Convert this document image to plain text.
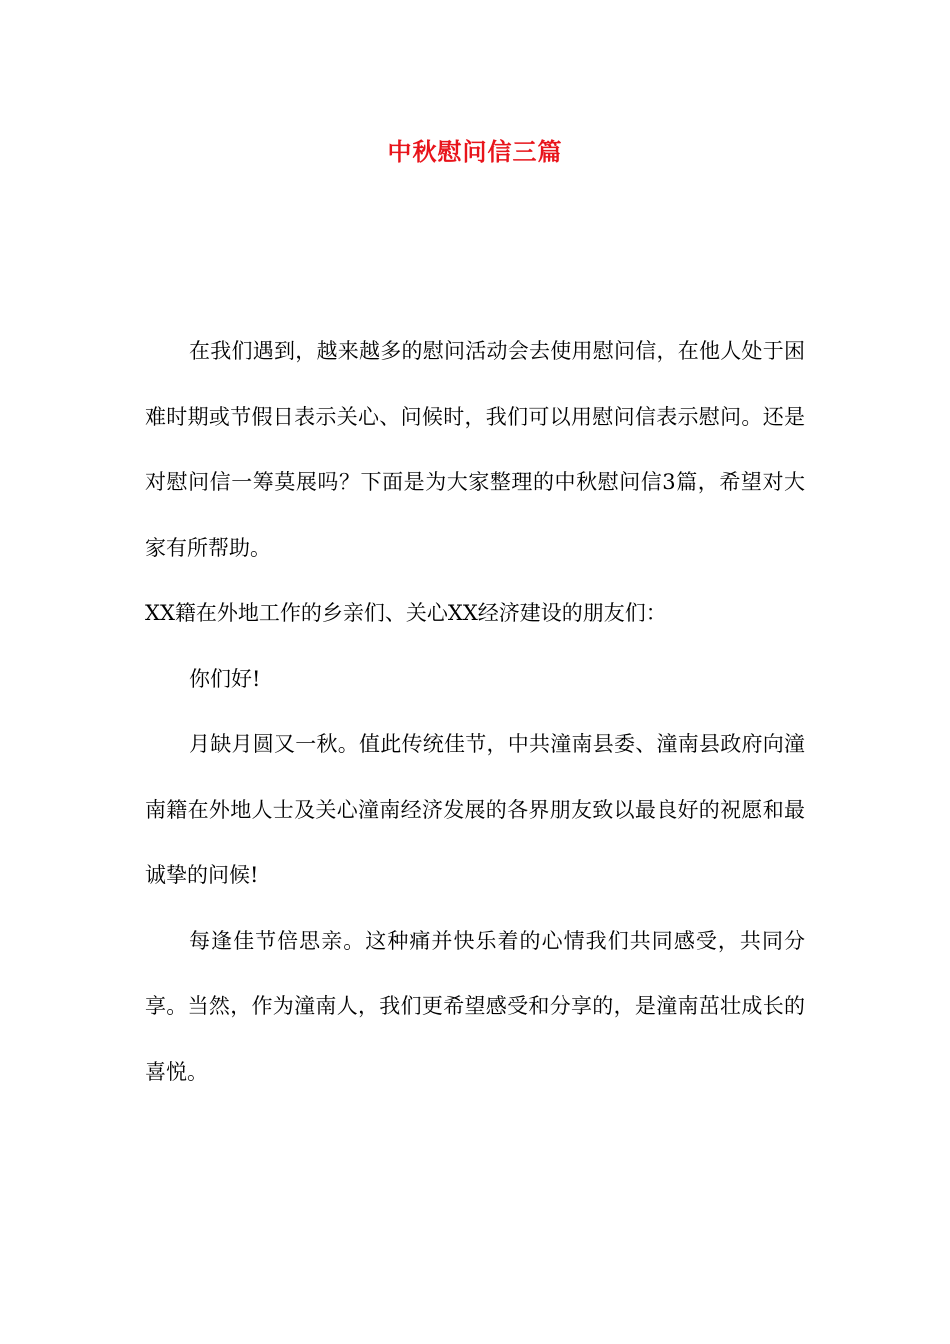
中秋慰问信三篇

在我们遇到，越来越多的慰问活动会去使用慰问信，在他人处于困难时期或节假日表示关心、问候时，我们可以用慰问信表示慰问。还是对慰问信一筹莫展吗？下面是为大家整理的中秋慰问信3篇，希望对大家有所帮助。

XX籍在外地工作的乡亲们、关心XX经济建设的朋友们：

你们好!

月缺月圆又一秋。值此传统佳节，中共潼南县委、潼南县政府向潼南籍在外地人士及关心潼南经济发展的各界朋友致以最良好的祝愿和最诚挚的问候!

每逢佳节倍思亲。这种痛并快乐着的心情我们共同感受，共同分享。当然，作为潼南人，我们更希望感受和分享的，是潼南茁壮成长的喜悦。
